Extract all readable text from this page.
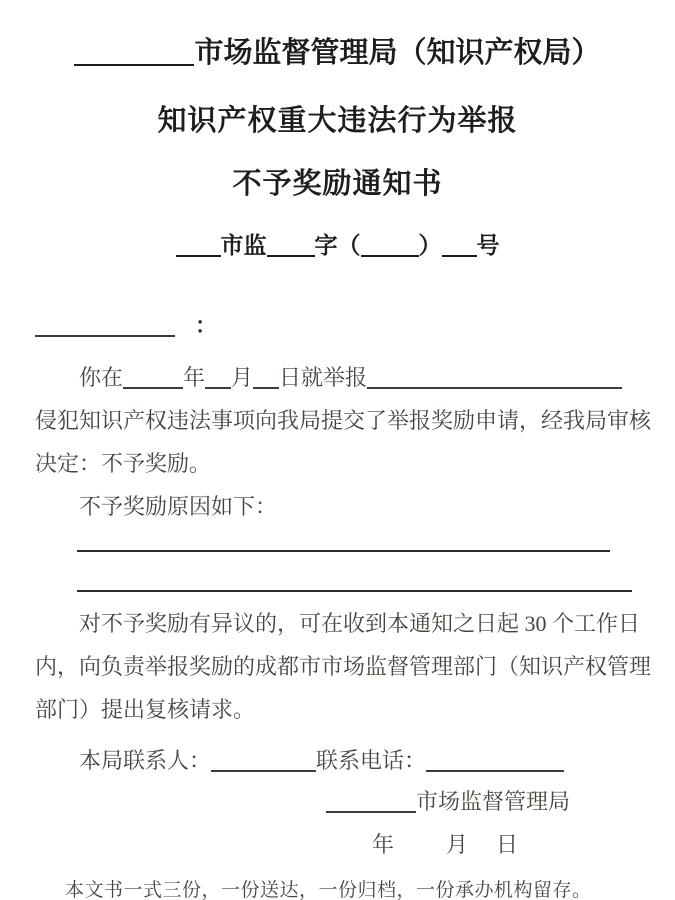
市场监督管理局（知识产权局）
知识产权重大违法行为举报
不予奖励通知书
市监 字（	） 号
：
你在	年 月 日就举报
侵犯知识产权违法事项向我局提交了举报奖励申请，经我局审核
决定：不予奖励。
不予奖励原因如下：
对不予奖励有异议的，可在收到本通知之日起 30 个工作日
内，向负责举报奖励的成都市市场监督管理部门（知识产权管理
部门）提出复核请求。
本局联系人：	联系电话：
市场监督管理局
年 月 日
本文书一式三份，一份送达，一份归档，一份承办机构留存。
